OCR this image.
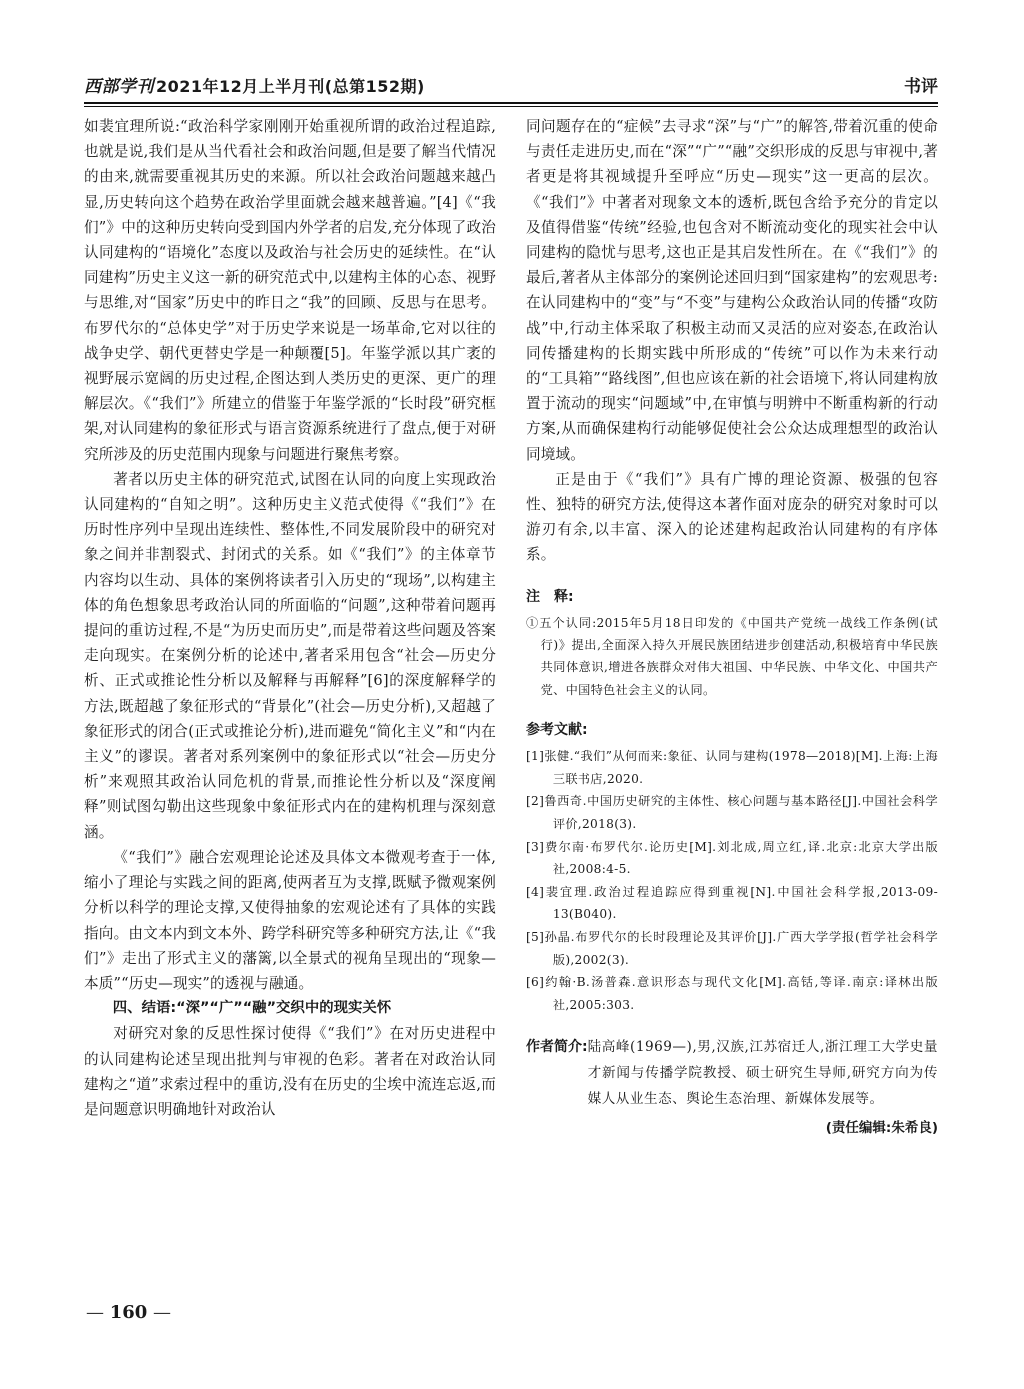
西部学刊 2021年12月上半月刊(总第152期)	书评

如裴宜理所说:“政治科学家刚刚开始重视所谓的政治过程追踪,也就是说,我们是从当代看社会和政治问题,但是要了解当代情况的由来,就需要重视其历史的来源。所以社会政治问题越来越凸显,历史转向这个趋势在政治学里面就会越来越普遍。”[4]《“我们”》中的这种历史转向受到国内外学者的启发,充分体现了政治认同建构的“语境化”态度以及政治与社会历史的延续性。在“认同建构”历史主义这一新的研究范式中,以建构主体的心态、视野与思维,对“国家”历史中的昨日之“我”的回顾、反思与在思考。布罗代尔的“总体史学”对于历史学来说是一场革命,它对以往的战争史学、朝代更替史学是一种颠覆[5]。年鉴学派以其广袤的视野展示宽阔的历史过程,企图达到人类历史的更深、更广的理解层次。《“我们”》所建立的借鉴于年鉴学派的“长时段”研究框架,对认同建构的象征形式与语言资源系统进行了盘点,便于对研究所涉及的历史范围内现象与问题进行聚焦考察。

著者以历史主体的研究范式,试图在认同的向度上实现政治认同建构的“自知之明”。这种历史主义范式使得《“我们”》在历时性序列中呈现出连续性、整体性,不同发展阶段中的研究对象之间并非割裂式、封闭式的关系。如《“我们”》的主体章节内容均以生动、具体的案例将读者引入历史的“现场”,以构建主体的角色想象思考政治认同的所面临的“问题”,这种带着问题再提问的重访过程,不是“为历史而历史”,而是带着这些问题及答案走向现实。在案例分析的论述中,著者采用包含“社会—历史分析、正式或推论性分析以及解释与再解释”[6]的深度解释学的方法,既超越了象征形式的“背景化”(社会—历史分析),又超越了象征形式的闭合(正式或推论分析),进而避免“简化主义”和“内在主义”的谬误。著者对系列案例中的象征形式以“社会—历史分析”来观照其政治认同危机的背景,而推论性分析以及“深度阐释”则试图勾勒出这些现象中象征形式内在的建构机理与深刻意涵。

《“我们”》融合宏观理论论述及具体文本微观考查于一体,缩小了理论与实践之间的距离,使两者互为支撑,既赋予微观案例分析以科学的理论支撑,又使得抽象的宏观论述有了具体的实践指向。由文本内到文本外、跨学科研究等多种研究方法,让《“我们”》走出了形式主义的藩篱,以全景式的视角呈现出的“现象—本质”“历史—现实”的透视与融通。

四、结语:“深”“广”“融”交织中的现实关怀

对研究对象的反思性探讨使得《“我们”》在对历史进程中的认同建构论述呈现出批判与审视的色彩。著者在对政治认同建构之“道”求索过程中的重访,没有在历史的尘埃中流连忘返,而是问题意识明确地针对政治认

同问题存在的“症候”去寻求“深”与“广”的解答,带着沉重的使命与责任走进历史,而在“深”“广”“融”交织形成的反思与审视中,著者更是将其视域提升至呼应“历史—现实”这一更高的层次。《“我们”》中著者对现象文本的透析,既包含给予充分的肯定以及值得借鉴“传统”经验,也包含对不断流动变化的现实社会中认同建构的隐忧与思考,这也正是其启发性所在。在《“我们”》的最后,著者从主体部分的案例论述回归到“国家建构”的宏观思考:在认同建构中的“变”与“不变”与建构公众政治认同的传播“攻防战”中,行动主体采取了积极主动而又灵活的应对姿态,在政治认同传播建构的长期实践中所形成的“传统”可以作为未来行动的“工具箱”“路线图”,但也应该在新的社会语境下,将认同建构放置于流动的现实“问题域”中,在审慎与明辨中不断重构新的行动方案,从而确保建构行动能够促使社会公众达成理想型的政治认同境域。

正是由于《“我们”》具有广博的理论资源、极强的包容性、独特的研究方法,使得这本著作面对庞杂的研究对象时可以游刃有余,以丰富、深入的论述建构起政治认同建构的有序体系。

注　释:

①五个认同:2015年5月18日印发的《中国共产党统一战线工作条例(试行)》提出,全面深入持久开展民族团结进步创建活动,积极培育中华民族共同体意识,增进各族群众对伟大祖国、中华民族、中华文化、中国共产党、中国特色社会主义的认同。

参考文献:
[1]张健.“我们”从何而来:象征、认同与建构(1978—2018)[M].上海:上海三联书店,2020.
[2]鲁西奇.中国历史研究的主体性、核心问题与基本路径[J].中国社会科学评价,2018(3).
[3]费尔南·布罗代尔.论历史[M].刘北成,周立红,译.北京:北京大学出版社,2008:4-5.
[4]裴宜理.政治过程追踪应得到重视[N].中国社会科学报,2013-09-13(B040).
[5]孙晶.布罗代尔的长时段理论及其评价[J].广西大学学报(哲学社会科学版),2002(3).
[6]约翰·B.汤普森.意识形态与现代文化[M].高铦,等译.南京:译林出版社,2005:303.
作者简介: 陆高峰(1969—),男,汉族,江苏宿迁人,浙江理工大学史量才新闻与传播学院教授、硕士研究生导师,研究方向为传媒人从业生态、舆论生态治理、新媒体发展等。
(责任编辑:朱希良)
— 160 —
